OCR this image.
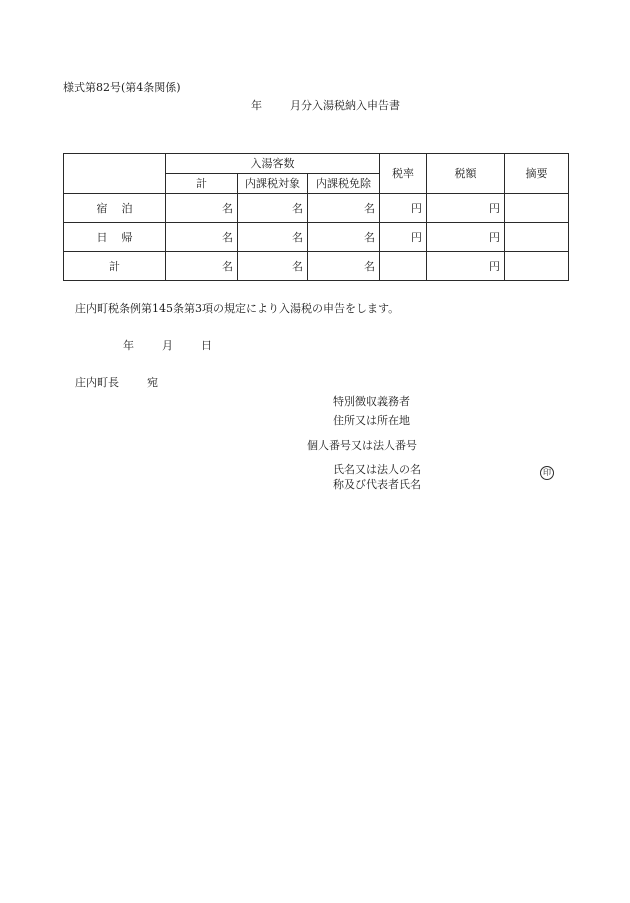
様式第82号(第4条関係)
年	月分入湯税納入申告書
	入湯客数			税率	税額	摘要
	計	内課税対象	内課税免除			
宿泊	名	名	名	円	円	
日帰	名	名	名	円	円	
計	名	名	名		円	
庄内町税条例第145条第3項の規定により入湯税の申告をします。
年	月	日
庄内町長	宛
特別徴収義務者
住所又は所在地
個人番号又は法人番号
氏名又は法人の名
称及び代表者氏名
印
